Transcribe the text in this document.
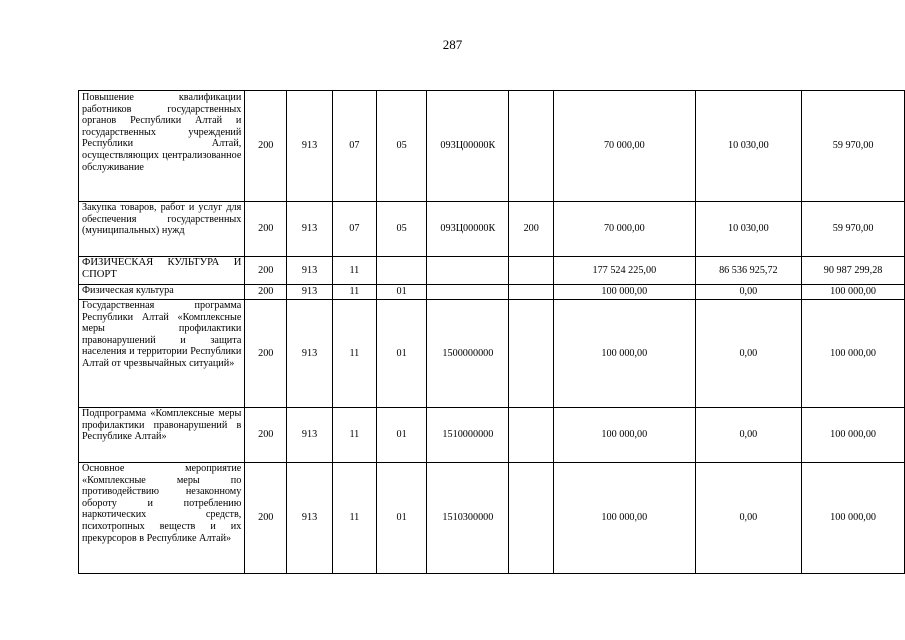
287
Повышение квалификации работников государственных органов Республики Алтай и государственных учреждений Республики Алтай, осуществляющих централизованное обслуживание	200	913	07	05	093Ц00000К		70 000,00	10 030,00	59 970,00

Закупка товаров, работ и услуг для обеспечения государственных (муниципальных) нужд	200	913	07	05	093Ц00000К	200	70 000,00	10 030,00	59 970,00

ФИЗИЧЕСКАЯ КУЛЬТУРА И СПОРТ	200	913	11				177 524 225,00	86 536 925,72	90 987 299,28

Физическая культура	200	913	11	01			100 000,00	0,00	100 000,00

Государственная программа Республики Алтай «Комплексные меры профилактики правонарушений и защита населения и территории Республики Алтай от чрезвычайных ситуаций»	200	913	11	01	1500000000		100 000,00	0,00	100 000,00

Подпрограмма «Комплексные меры профилактики правонарушений в Республике Алтай»	200	913	11	01	1510000000		100 000,00	0,00	100 000,00

Основное мероприятие «Комплексные меры по противодействию незаконному обороту и потреблению наркотических средств, психотропных веществ и их прекурсоров в Республике Алтай»	200	913	11	01	1510300000		100 000,00	0,00	100 000,00
